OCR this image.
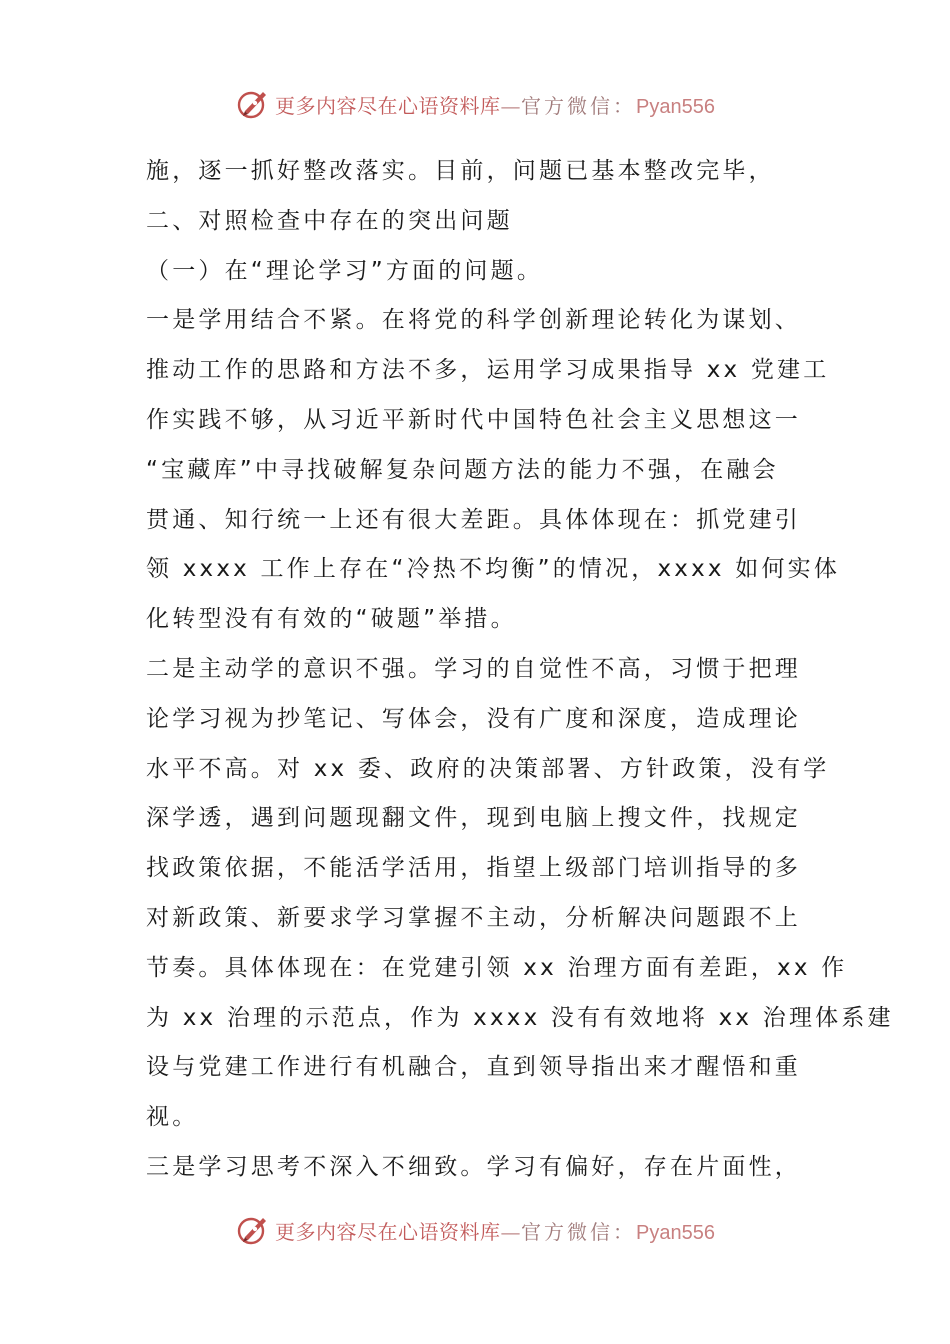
更多内容尽在心语资料库—官方微信：Pyan556
施，逐一抓好整改落实。目前，问题已基本整改完毕，
二、对照检查中存在的突出问题
（一）在“理论学习”方面的问题。
一是学用结合不紧。在将党的科学创新理论转化为谋划、
推动工作的思路和方法不多，运用学习成果指导 xx 党建工
作实践不够，从习近平新时代中国特色社会主义思想这一
“宝藏库”中寻找破解复杂问题方法的能力不强，在融会
贯通、知行统一上还有很大差距。具体体现在：抓党建引
领 xxxx 工作上存在“冷热不均衡”的情况，xxxx 如何实体
化转型没有有效的“破题”举措。
二是主动学的意识不强。学习的自觉性不高，习惯于把理
论学习视为抄笔记、写体会，没有广度和深度，造成理论
水平不高。对 xx 委、政府的决策部署、方针政策，没有学
深学透，遇到问题现翻文件，现到电脑上搜文件，找规定
找政策依据，不能活学活用，指望上级部门培训指导的多
对新政策、新要求学习掌握不主动，分析解决问题跟不上
节奏。具体体现在：在党建引领 xx 治理方面有差距，xx 作
为 xx 治理的示范点，作为 xxxx 没有有效地将 xx 治理体系建
设与党建工作进行有机融合，直到领导指出来才醒悟和重
视。
三是学习思考不深入不细致。学习有偏好，存在片面性，
更多内容尽在心语资料库—官方微信：Pyan556
